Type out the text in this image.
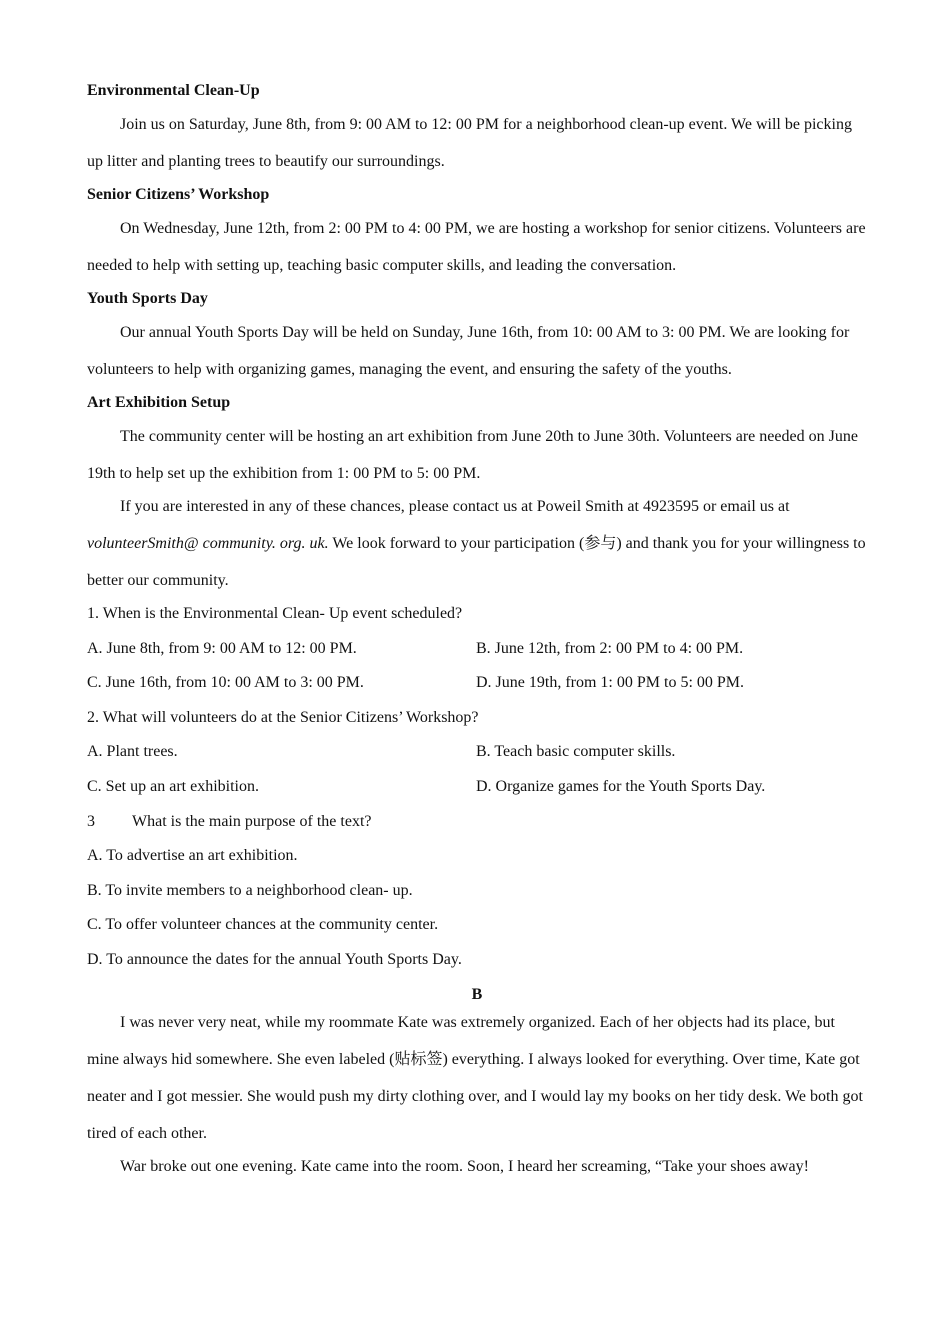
Environmental Clean-Up
Join us on Saturday, June 8th, from 9: 00 AM to 12: 00 PM for a neighborhood clean-up event. We will be picking up litter and planting trees to beautify our surroundings.
Senior Citizens’ Workshop
On Wednesday, June 12th, from 2: 00 PM to 4: 00 PM, we are hosting a workshop for senior citizens. Volunteers are needed to help with setting up, teaching basic computer skills, and leading the conversation.
Youth Sports Day
Our annual Youth Sports Day will be held on Sunday, June 16th, from 10: 00 AM to 3: 00 PM. We are looking for volunteers to help with organizing games, managing the event, and ensuring the safety of the youths.
Art Exhibition Setup
The community center will be hosting an art exhibition from June 20th to June 30th. Volunteers are needed on June 19th to help set up the exhibition from 1: 00 PM to 5: 00 PM.
If you are interested in any of these chances, please contact us at Poweil Smith at 4923595 or email us at volunteerSmith@ community. org. uk. We look forward to your participation (参与) and thank you for your willingness to better our community.
1. When is the Environmental Clean- Up event scheduled?
A. June 8th, from 9: 00 AM to 12: 00 PM.	B. June 12th, from 2: 00 PM to 4: 00 PM.
C. June 16th, from 10: 00 AM to 3: 00 PM.	D. June 19th, from 1: 00 PM to 5: 00 PM.
2. What will volunteers do at the Senior Citizens’ Workshop?
A. Plant trees.	B. Teach basic computer skills.
C. Set up an art exhibition.	D. Organize games for the Youth Sports Day.
3 What is the main purpose of the text?
A. To advertise an art exhibition.
B. To invite members to a neighborhood clean- up.
C. To offer volunteer chances at the community center.
D. To announce the dates for the annual Youth Sports Day.
B
I was never very neat, while my roommate Kate was extremely organized. Each of her objects had its place, but mine always hid somewhere. She even labeled (贴标签) everything. I always looked for everything. Over time, Kate got neater and I got messier. She would push my dirty clothing over, and I would lay my books on her tidy desk. We both got tired of each other.
War broke out one evening. Kate came into the room. Soon, I heard her screaming, “Take your shoes away!
